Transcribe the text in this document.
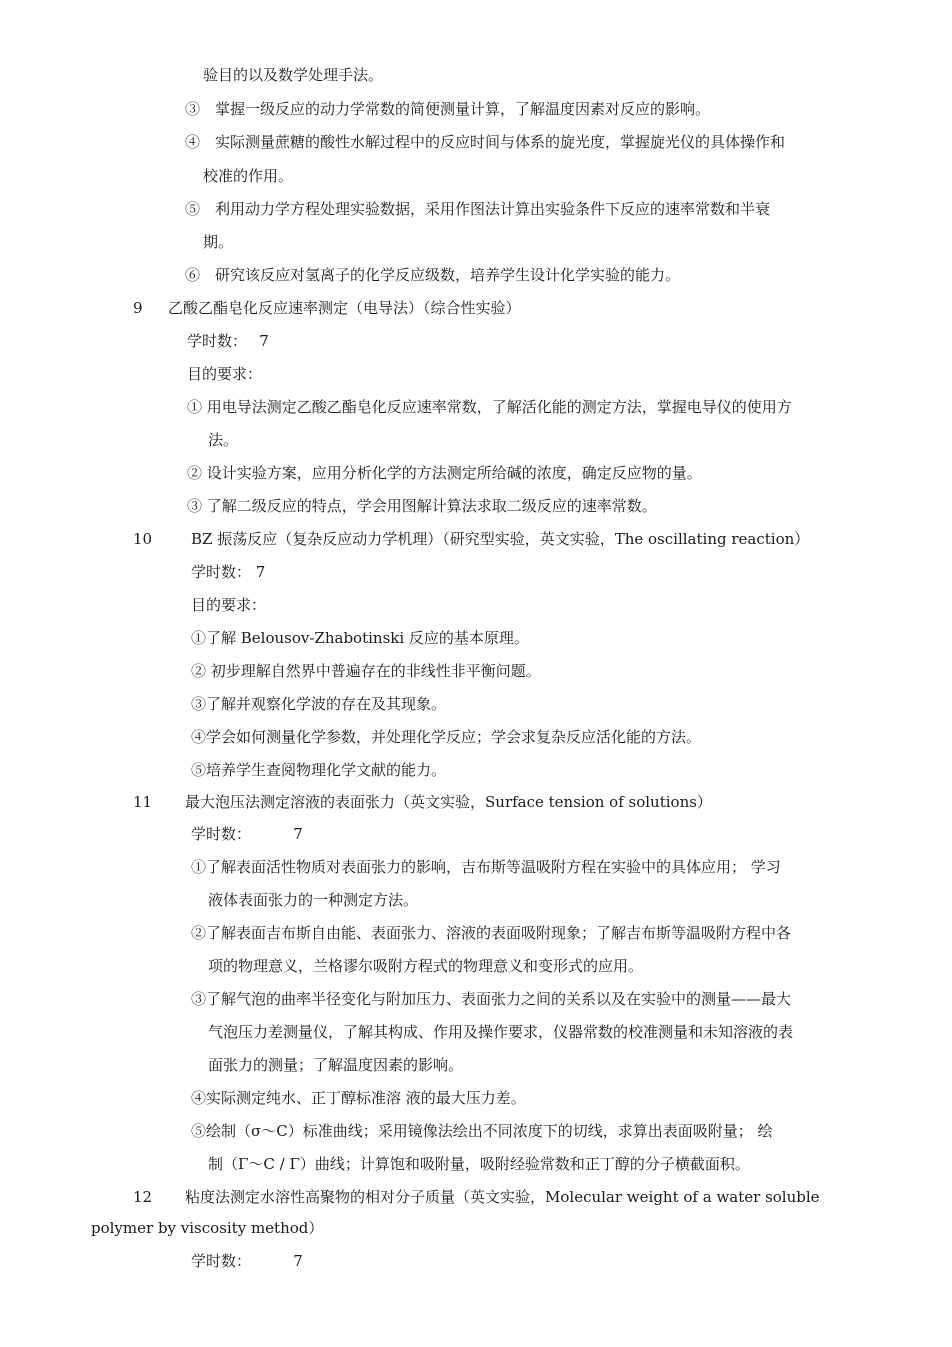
验目的以及数学处理手法。
③　掌握一级反应的动力学常数的简便测量计算，了解温度因素对反应的影响。
④　实际测量蔗糖的酸性水解过程中的反应时间与体系的旋光度，掌握旋光仪的具体操作和
校准的作用。
⑤　利用动力学方程处理实验数据，采用作图法计算出实验条件下反应的速率常数和半衰
期。
⑥　研究该反应对氢离子的化学反应级数，培养学生设计化学实验的能力。
9 乙酸乙酯皂化反应速率测定（电导法）（综合性实验）
学时数：　 7
目的要求：
① 用电导法测定乙酸乙酯皂化反应速率常数，了解活化能的测定方法，掌握电导仪的使用方
法。
② 设计实验方案，应用分析化学的方法测定所给碱的浓度，确定反应物的量。
③ 了解二级反应的特点，学会用图解计算法求取二级反应的速率常数。
10	BZ 振荡反应（复杂反应动力学机理）（研究型实验，英文实验，The oscillating reaction）
学时数： 7
目的要求：
①了解 Belousov-Zhabotinski 反应的基本原理。
② 初步理解自然界中普遍存在的非线性非平衡问题。
③了解并观察化学波的存在及其现象。
④学会如何测量化学参数，并处理化学反应；学会求复杂反应活化能的方法。
⑤培养学生查阅物理化学文献的能力。
11 最大泡压法测定溶液的表面张力（英文实验，Surface tension of solutions）
学时数：　　　 7
①了解表面活性物质对表面张力的影响，吉布斯等温吸附方程在实验中的具体应用； 学习
液体表面张力的一种测定方法。
②了解表面吉布斯自由能、表面张力、溶液的表面吸附现象；了解吉布斯等温吸附方程中各
项的物理意义，兰格谬尔吸附方程式的物理意义和变形式的应用。
③了解气泡的曲率半径变化与附加压力、表面张力之间的关系以及在实验中的测量——最大
气泡压力差测量仪，了解其构成、作用及操作要求，仪器常数的校准测量和未知溶液的表
面张力的测量；了解温度因素的影响。
④实际测定纯水、正丁醇标准溶 液的最大压力差。
⑤绘制（σ～C）标准曲线；采用镜像法绘出不同浓度下的切线，求算出表面吸附量； 绘
制（Γ～C / Γ）曲线；计算饱和吸附量，吸附经验常数和正丁醇的分子横截面积。
12 粘度法测定水溶性高聚物的相对分子质量（英文实验，Molecular weight of a water soluble
polymer by viscosity method）
学时数：　　　 7
